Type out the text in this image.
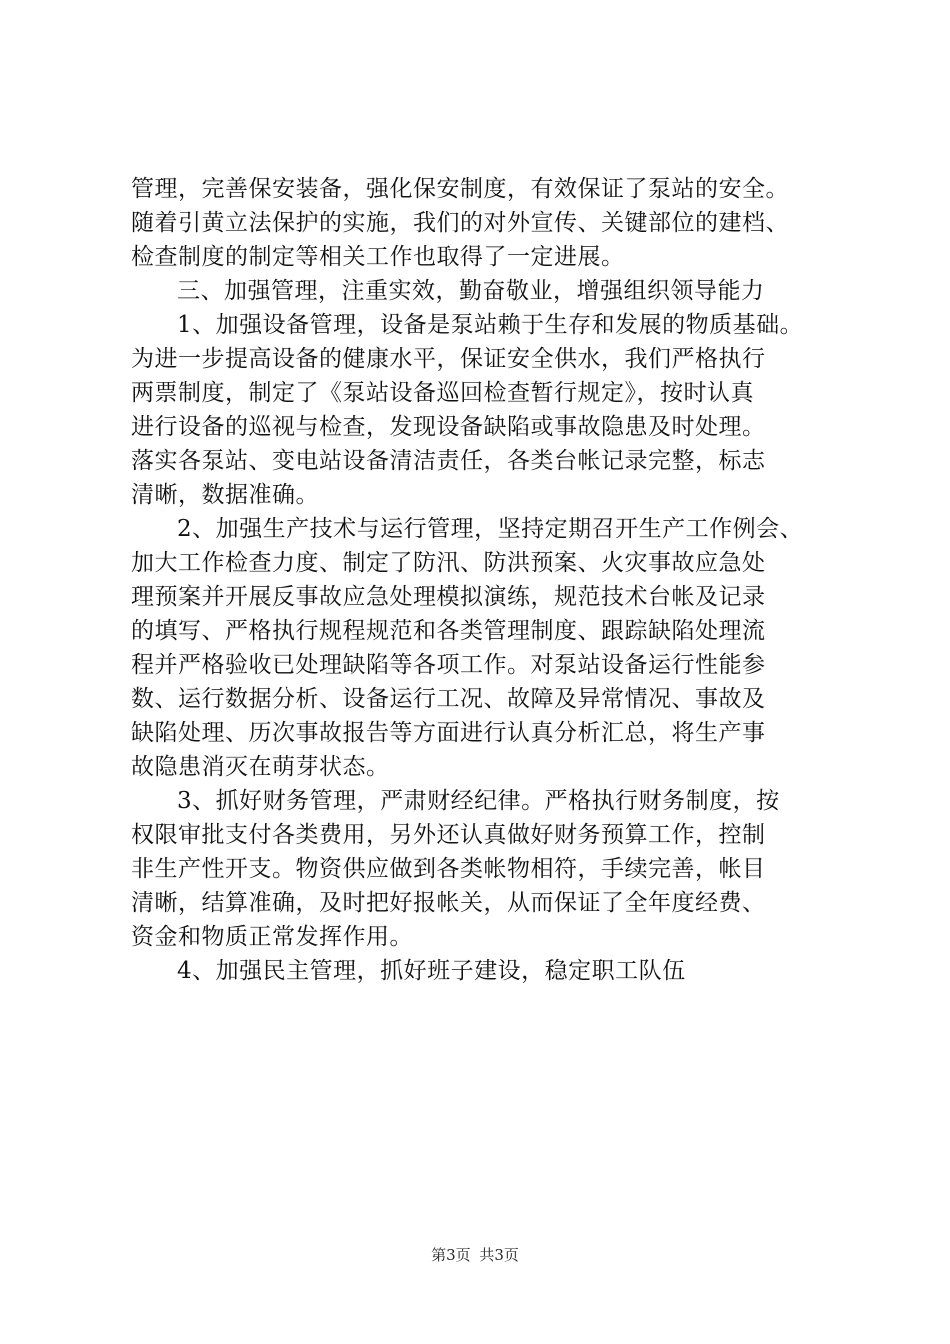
管理，完善保安装备，强化保安制度，有效保证了泵站的安全。
随着引黄立法保护的实施，我们的对外宣传、关键部位的建档、
检查制度的制定等相关工作也取得了一定进展。
三、加强管理，注重实效，勤奋敬业，增强组织领导能力
1、加强设备管理，设备是泵站赖于生存和发展的物质基础。
为进一步提高设备的健康水平，保证安全供水，我们严格执行
两票制度，制定了《泵站设备巡回检查暂行规定》，按时认真
进行设备的巡视与检查，发现设备缺陷或事故隐患及时处理。
落实各泵站、变电站设备清洁责任，各类台帐记录完整，标志
清晰，数据准确。
2、加强生产技术与运行管理，坚持定期召开生产工作例会、
加大工作检查力度、制定了防汛、防洪预案、火灾事故应急处
理预案并开展反事故应急处理模拟演练，规范技术台帐及记录
的填写、严格执行规程规范和各类管理制度、跟踪缺陷处理流
程并严格验收已处理缺陷等各项工作。对泵站设备运行性能参
数、运行数据分析、设备运行工况、故障及异常情况、事故及
缺陷处理、历次事故报告等方面进行认真分析汇总，将生产事
故隐患消灭在萌芽状态。
3、抓好财务管理，严肃财经纪律。严格执行财务制度，按
权限审批支付各类费用，另外还认真做好财务预算工作，控制
非生产性开支。物资供应做到各类帐物相符，手续完善，帐目
清晰，结算准确，及时把好报帐关，从而保证了全年度经费、
资金和物质正常发挥作用。
4、加强民主管理，抓好班子建设，稳定职工队伍
第3页 共3页
